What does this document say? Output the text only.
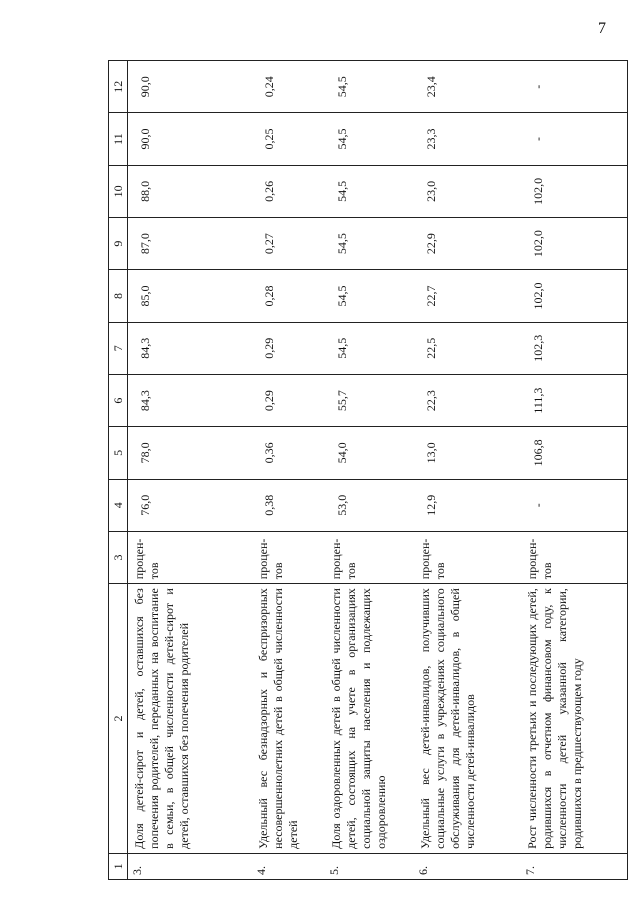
7
1	2	3	4	5	6	7	8	9	10	11	12
3.	Доля детей-сирот и детей, оставшихся без попечения родителей, переданных на воспитание в семьи, в общей численности детей-сирот и детей, оставшихся без попечения родителей	процен-тов	76,0	78,0	84,3	84,3	85,0	87,0	88,0	90,0	90,0
4.	Удельный вес безнадзорных и беспризорных несовершеннолетних детей в общей численности детей	процен-тов	0,38	0,36	0,29	0,29	0,28	0,27	0,26	0,25	0,24
5.	Доля оздоровленных детей в общей численности детей, состоящих на учете в организациях социальной защиты населения и подлежащих оздоровлению	процен-тов	53,0	54,0	55,7	54,5	54,5	54,5	54,5	54,5	54,5
6.	Удельный вес детей-инвалидов, получивших социальные услуги в учреждениях социального обслуживания для детей-инвалидов, в общей численности детей-инвалидов	процен-тов	12,9	13,0	22,3	22,5	22,7	22,9	23,0	23,3	23,4
7.	Рост численности третьих и последующих детей, родившихся в отчетном финансовом году, к численности детей указанной категории, родившихся в предшествующем году	процен-тов	-	106,8	111,3	102,3	102,0	102,0	102,0	-	-
